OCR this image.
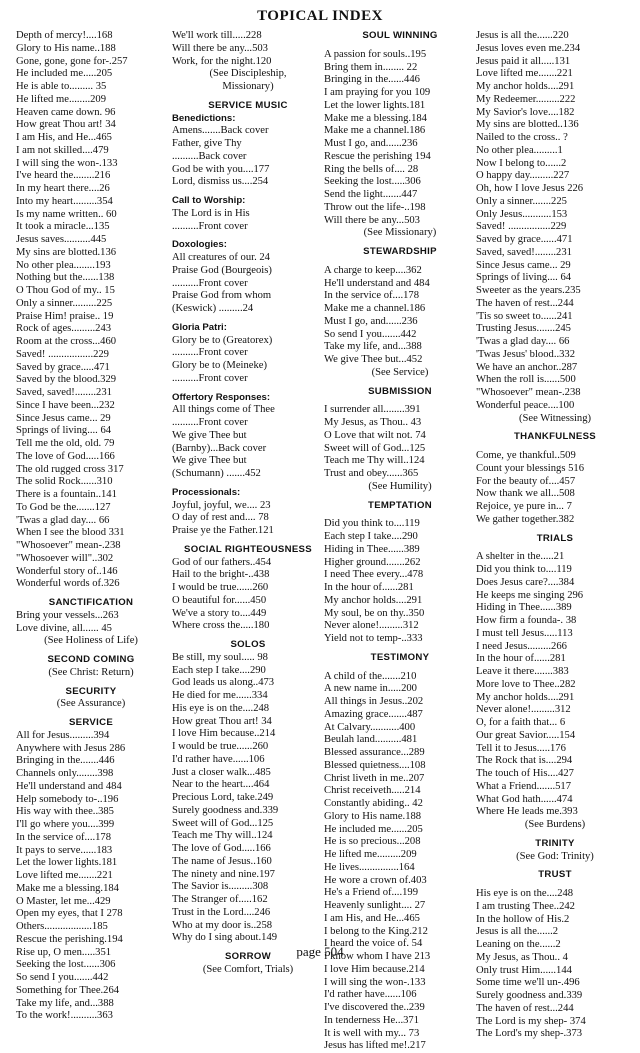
TOPICAL INDEX
Depth of mercy!....168
Glory to His name..188
Gone, gone, gone for-.257
He included me.....205
He is able to......... 35
He lifted me........209
Heaven came down. 96
How great Thou art! 34
I am His, and He...465
I am not skilled....479
I will sing the won-.133
I've heard the........216
In my heart there....26
Into my heart.........354
Is my name written.. 60
It took a miracle...135
Jesus saves..........445
My sins are blotted.136
No other plea........193
Nothing but the......138
O Thou God of my.. 15
Only a sinner.........225
Praise Him! praise.. 19
Rock of ages.........243
Room at the cross...460
Saved! .................229
Saved by grace.....471
Saved by the blood.329
Saved, saved!........231
Since I have been...232
Since Jesus came... 29
Springs of living.... 64
Tell me the old, old. 79
The love of God.....166
The old rugged cross 317
The solid Rock......310
There is a fountain..141
To God be the.......127
'Twas a glad day.... 66
When I see the blood 331
"Whosoever" mean-.238
"Whosoever will"..302
Wonderful story of..146
Wonderful words of.326
SANCTIFICATION
Bring your vessels...263
Love divine, all...... 45
(See Holiness of Life)
SECOND COMING
(See Christ: Return)
SECURITY
(See Assurance)
SERVICE
All for Jesus.........394
Anywhere with Jesus 286
Bringing in the.......446
Channels only........398
He'll understand and 484
Help somebody to-..196
His way with thee..385
I'll go where you....399
In the service of....178
It pays to serve......183
Let the lower lights.181
Love lifted me.......221
Make me a blessing.184
O Master, let me...429
Open my eyes, that I 278
Others..................185
Rescue the perishing.194
Rise up, O men.....351
Seeking the lost......306
So send I you.......442
Something for Thee.264
Take my life, and...388
To the work!..........363
We'll work till.....228
Will there be any...503
Work, for the night.120
(See Discipleship,
Missionary)
SERVICE MUSIC
Benedictions:
Amens.......Back cover
Father, give Thy
..........Back cover
God be with you....177
Lord, dismiss us....254
Call to Worship:
The Lord is in His
..........Front cover
Doxologies:
All creatures of our. 24
Praise God (Bourgeois)
..........Front cover
Praise God from whom
(Keswick) .........24
Gloria Patri:
Glory be to (Greatorex)
..........Front cover
Glory be to (Meineke)
..........Front cover
Offertory Responses:
All things come of Thee
..........Front cover
We give Thee but
(Barnby)...Back cover
We give Thee but
(Schumann) .......452
Processionals:
Joyful, joyful, we.... 23
O day of rest and.... 78
Praise ye the Father.121
SOCIAL RIGHTEOUSNESS
God of our fathers..454
Hail to the bright-..438
I would be true......260
O beautiful for......450
We've a story to....449
Where cross the.....180
SOLOS
Be still, my soul..... 98
Each step I take....290
God leads us along..473
He died for me......334
His eye is on the....248
How great Thou art! 34
I love Him because..214
I would be true......260
I'd rather have......106
Just a closer walk...485
Near to the heart....464
Precious Lord, take.249
Surely goodness and.339
Sweet will of God...125
Teach me Thy will..124
The love of God.....166
The name of Jesus..160
The ninety and nine.197
The Savior is.........308
The Stranger of.....162
Trust in the Lord....246
Who at my door is..258
Why do I sing about.149
SORROW
(See Comfort, Trials)
SOUL WINNING
A passion for souls..195
Bring them in........ 22
Bringing in the......446
I am praying for you 109
Let the lower lights.181
Make me a blessing.184
Make me a channel.186
Must I go, and......236
Rescue the perishing 194
Ring the bells of.... 28
Seeking the lost.....306
Send the light.......447
Throw out the life-..198
Will there be any...503
(See Missionary)
STEWARDSHIP
A charge to keep....362
He'll understand and 484
In the service of....178
Make me a channel.186
Must I go, and......236
So send I you.......442
Take my life, and...388
We give Thee but...452
(See Service)
SUBMISSION
I surrender all........391
My Jesus, as Thou.. 43
O Love that wilt not. 74
Sweet will of God...125
Teach me Thy will..124
Trust and obey......365
(See Humility)
TEMPTATION
Did you think to....119
Each step I take....290
Hiding in Thee......389
Higher ground.......262
I need Thee every...478
In the hour of......281
My anchor holds....291
My soul, be on thy..350
Never alone!.........312
Yield not to temp-..333
TESTIMONY
A child of the.......210
A new name in.....200
All things in Jesus..202
Amazing grace.......487
At Calvary...........400
Beulah land..........481
Blessed assurance...289
Blessed quietness....108
Christ liveth in me..207
Christ receiveth.....214
Constantly abiding.. 42
Glory to His name.188
He included me......205
He is so precious...208
He lifted me.........209
He lives...............164
He wore a crown of.403
He's a Friend of....199
Heavenly sunlight.... 27
I am His, and He...465
I belong to the King.212
I heard the voice of. 54
I know whom I have 213
I love Him because.214
I will sing the won-.133
I'd rather have......106
I've discovered the..239
In tenderness He...371
It is well with my... 73
Jesus has lifted me!.217
Jesus is all the......220
Jesus loves even me.234
Jesus paid it all.....131
Love lifted me.......221
My anchor holds....291
My Redeemer.........222
My Savior's love....182
My sins are blotted..136
Nailed to the cross.. ?
No other plea.........1
Now I belong to......2
O happy day.........227
Oh, how I love Jesus 226
Only a sinner.......225
Only Jesus...........153
Saved! ................229
Saved by grace......471
Saved, saved!........231
Since Jesus came... 29
Springs of living.... 64
Sweeter as the years.235
The haven of rest...244
'Tis so sweet to......241
Trusting Jesus.......245
'Twas a glad day.... 66
'Twas Jesus' blood..332
We have an anchor..287
When the roll is......500
"Whosoever" mean-.238
Wonderful peace....100
(See Witnessing)
THANKFULNESS
Come, ye thankful..509
Count your blessings 516
For the beauty of....457
Now thank we all...508
Rejoice, ye pure in... 7
We gather together.382
TRIALS
A shelter in the.....21
Did you think to....119
Does Jesus care?....384
He keeps me singing 296
Hiding in Thee......389
How firm a founda-. 38
I must tell Jesus.....113
I need Jesus.........266
In the hour of......281
Leave it there.......383
More love to Thee..282
My anchor holds....291
Never alone!.........312
O, for a faith that... 6
Our great Savior.....154
Tell it to Jesus.....176
The Rock that is....294
The touch of His....427
What a Friend.......517
What God hath......474
Where He leads me.393
(See Burdens)
TRINITY
(See God: Trinity)
TRUST
His eye is on the....248
I am trusting Thee..242
In the hollow of His.2
Jesus is all the......2
Leaning on the......2
My Jesus, as Thou.. 4
Only trust Him......144
Some time we'll un-.496
Surely goodness and.339
The haven of rest...244
The Lord is my shep- 374
The Lord's my shep-.373
page 504
